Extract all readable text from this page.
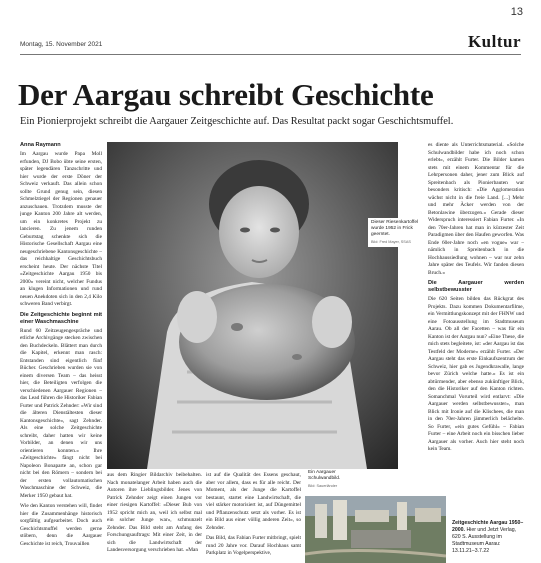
13
Montag, 15. November 2021	Kultur
Der Aargau schreibt Geschichte
Ein Pionierprojekt schreibt die Aargauer Zeitgeschichte auf. Das Resultat packt sogar Geschichtsmuffel.
Anna Raymann

Im Aargau wurde Papa Moll erfunden, DJ Bobo übte seine ersten, später legendären Tanzschritte und hier wurde der erste Döner der Schweiz verkauft. Das allein schon sollte Grund genug sein, diesen Schmelztiegel der Regionen genauer anzuschauen. Trotzdem musste der junge Kanton 200 Jahre alt werden, um ein konkretes Projekt zu lancieren. Zu jenem runden Geburtstag schenkte sich die Historische Gesellschaft Aargau eine neugeschriebene Kantonsgeschichte – das reichhaltige Geschichtsbuch erscheint heute. Der nächste Titel «Zeitgeschichte Aargau 1950 bis 2000» vereint nicht, welcher Fundus an klugen Informationen und rund neuen Anekdoten sich in den 2,4 Kilo schweren Band verbirgt.

Die Zeitgeschichte beginnt mit einer Waschmaschine

Rund 60 Zeitzeugengespräche und etliche Archivgänge stecken zwischen den Buchdeckeln. Blättert man durch die Kapitel, erkennt man rasch: Entstanden sind eigentlich fünf Bücher. Geschrieben wurden sie von einem diversen Team – das heisst hier, die Beteiligten verfolgen die verschiedenen Aargauer Regionen – das Lead führen die Historiker Fabian Furter und Patrick Zehnder: «Wir sind die älteren Dienstältesten dieser Kantonsgeschichte», sagt Zehnder. Als eine solche Zeitgeschichte schreibt, daher hatten wir keine Vorbilder, an denen wir uns orientieren konnten.» Ihre «Zeitgeschichte» fängt nicht bei Napoleon Bonaparte an, schon gar nicht bei den Römern – sondern bei der ersten vollautomatischen Waschmaschine der Schweiz, die Merker 1950 gebaut hat.

Wie den Kanton verstehen will, findet hier die Zusammenhänge historisch sorgfältig aufgearbeitet. Doch auch Geschichtsmuffel werden gerne stöbern, denn die Aargauer Geschichte ist reich, Trouvaillen

Dieser Riesenkartoffel wurde 1952 in Frick geerntet.
Bild: Fred Mayer, SSAS

aus dem Ringier Bildarchiv beibehalten. Nach monatelanger Arbeit haben auch die Autoren ihre Lieblingsbilder. Jenes von Patrick Zehnder zeigt einen Jungen vor einer riesigen Kartoffel: «Dieser Bub von 1952 spricht mich an, weil ich selbst mal ein solcher Junge war», schmunzelt Zehnder. Das Bild steht am Anfang des Forschungsauftrags: Mit einer Zeit, in der sich die Landwirtschaft der Landesversorgung verschrieben hat. «Man

ist auf die Qualität des Essens geschaut, aber vor allem, dass es für alle reicht. Der Moment, als der Junge die Kartoffel bestaunt, startet eine Landwirtschaft, die viel stärker motorisiert ist, auf Düngemittel und Pflanzenschutz setzt als vorher. Es ist ein Bild aus einer völlig anderen Zeit», so Zehnder.

Das Bild, das Fabian Furter mitbringt, spielt rund 20 Jahre vor. Darauf Hochhaus samt Parkplatz in Vogelperspektive,

Ein Aargauer Schulwandbild.
Bild: Sauerländer

es diente als Unterrichtsmaterial. «Solche Schulwandbilder habe ich noch schon erlebt», erzählt Furter. Die Bilder kamen stets mit einem Kommentar für die Lehrpersonen daher, jener zum Blick auf Spreitenbach als Pionierbauten war besonders kritisch: «Die Agglomeration wächst nicht in die freie Land. [...] Mehr und mehr Äcker werden von der Betonlawine überzogen.» Gerade dieser Widerspruch interessiert Fabian Furter. «In den 70er-Jahren hat man in kürzester Zeit Paradigmen über den Haufen geworfen. Was Ende 60er-Jahre noch «en vogue» war – nämlich in Spreitenbach in die Hochhaussiedlung wohnen – war nur zehn Jahre später des Teufels. Wir fanden diesen Bruch.»

Die Aargauer werden selbstbewusster

Die 620 Seiten bilden das Rückgrat des Projekts. Dazu kommen Dokumentarfilme, ein Vermittlungskonzept mit der FHNW und eine Fotoausstellung im Stadtmuseum Aarau. Ob all der Facetten – was für ein Kanton ist der Aargau nun? «Eine These, die mich stets begleitete, ist: «der Aargau ist das Testfeld der Moderne» erzählt Furter. «Der Aargau steht das erste Einkaufszentrum der Schweiz, hier gab es Jugendkrawalle, lange bevor Zürich welche hatte.» Es ist ein abtürmender, aber ebenso zukünftiger Blick, den die Historiker auf den Kanton richten. Somanchmal Vorurteil wird entlarvt: «Die Aargauer werden selbstbewusster», man Blick mit Ironie auf die Klischees, die man in den 70er-Jahren jämmerlich belächelte. So Furter, «ein gutes Gefühl» – Fabian Furter – eine Arbeit noch ein bisschen lieber Aargauer als vorher. Auch hier steht noch kein Team.

Zeitgeschichte Aargau 1950–2000. Hier und Jetzt Verlag, 620 S. Ausstellung im Stadtmuseum Aarau: 13.11.21–3.7.22
